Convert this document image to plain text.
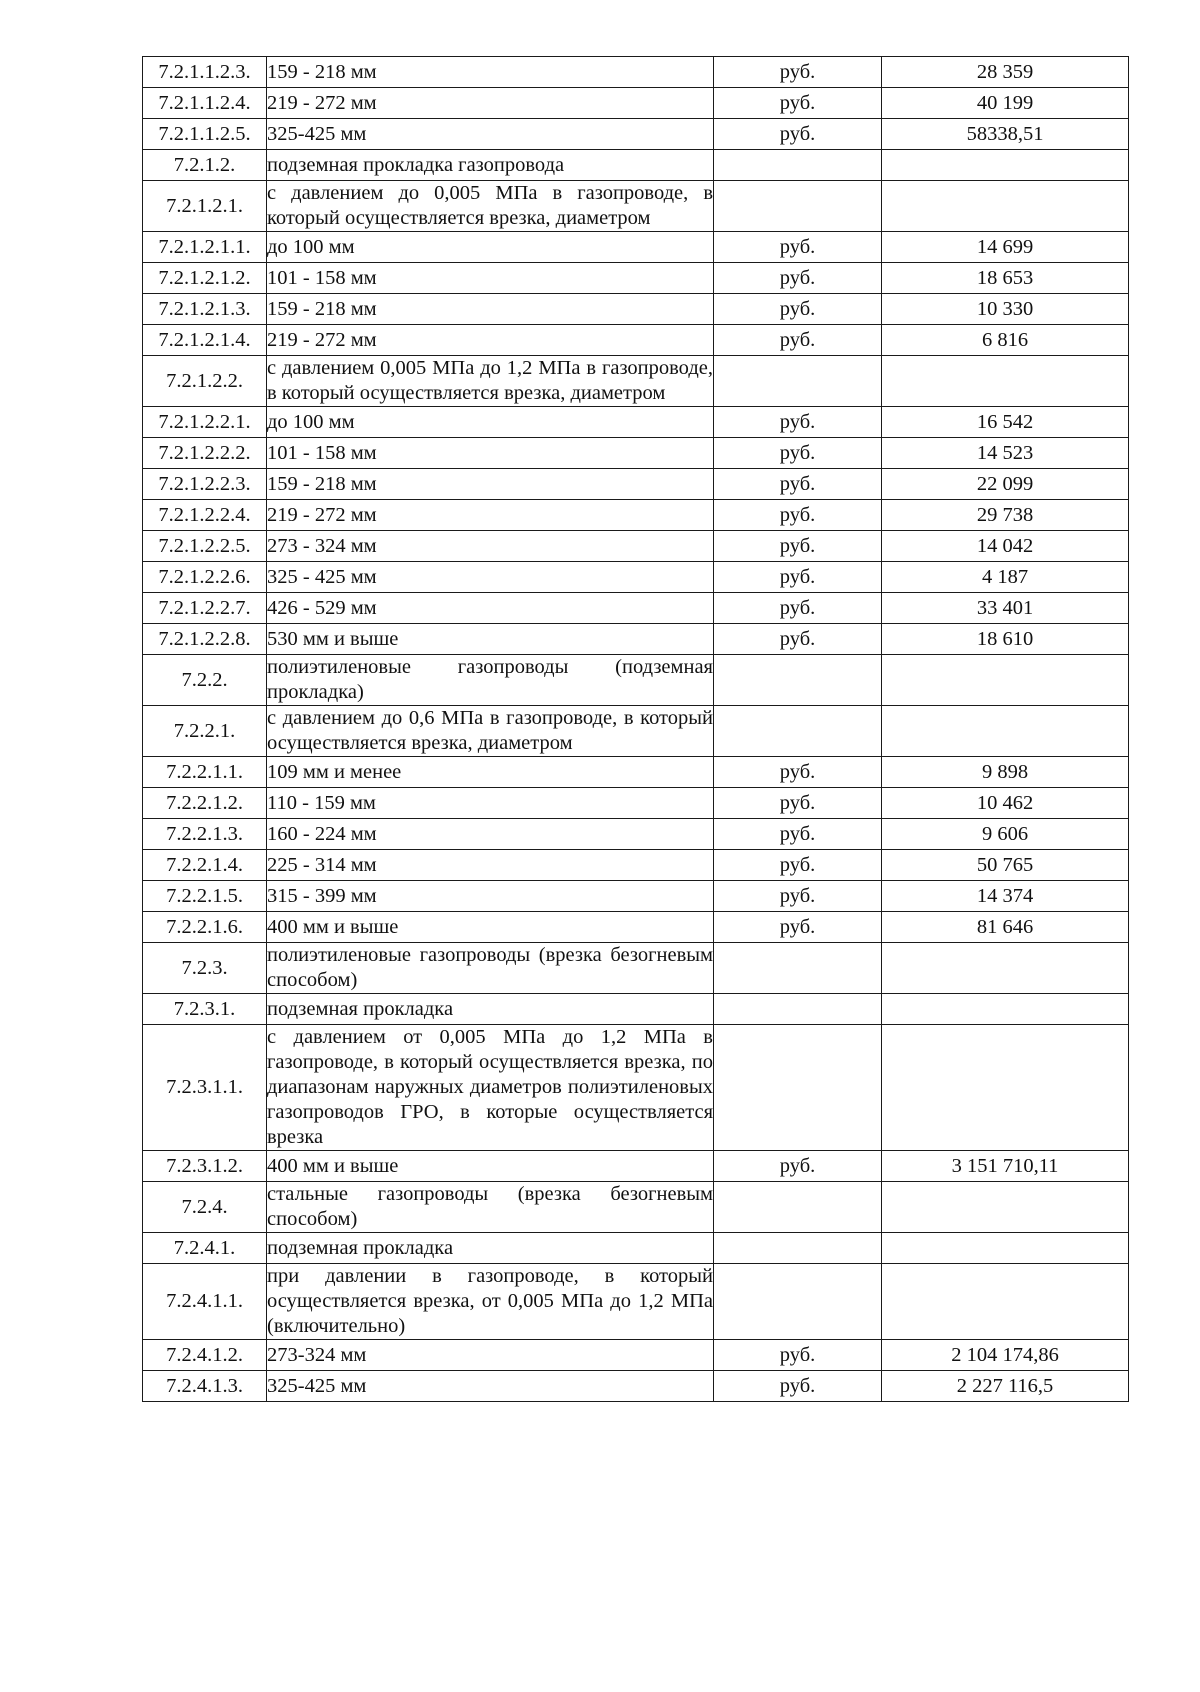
7.2.1.1.2.3.	159 - 218 мм	руб.	28 359
7.2.1.1.2.4.	219 - 272 мм	руб.	40 199
7.2.1.1.2.5.	325-425 мм	руб.	58338,51
7.2.1.2.	подземная прокладка газопровода		
7.2.1.2.1.	с давлением до 0,005 МПа в газопроводе, в который осуществляется врезка, диаметром		
7.2.1.2.1.1.	до 100 мм	руб.	14 699
7.2.1.2.1.2.	101 - 158 мм	руб.	18 653
7.2.1.2.1.3.	159 - 218 мм	руб.	10 330
7.2.1.2.1.4.	219 - 272 мм	руб.	6 816
7.2.1.2.2.	с давлением 0,005 МПа до 1,2 МПа в газопроводе, в который осуществляется врезка, диаметром		
7.2.1.2.2.1.	до 100 мм	руб.	16 542
7.2.1.2.2.2.	101 - 158 мм	руб.	14 523
7.2.1.2.2.3.	159 - 218 мм	руб.	22 099
7.2.1.2.2.4.	219 - 272 мм	руб.	29 738
7.2.1.2.2.5.	273 - 324 мм	руб.	14 042
7.2.1.2.2.6.	325 - 425 мм	руб.	4 187
7.2.1.2.2.7.	426 - 529 мм	руб.	33 401
7.2.1.2.2.8.	530 мм и выше	руб.	18 610
7.2.2.	полиэтиленовые газопроводы (подземная прокладка)		
7.2.2.1.	с давлением до 0,6 МПа в газопроводе, в который осуществляется врезка, диаметром		
7.2.2.1.1.	109 мм и менее	руб.	9 898
7.2.2.1.2.	110 - 159 мм	руб.	10 462
7.2.2.1.3.	160 - 224 мм	руб.	9 606
7.2.2.1.4.	225 - 314 мм	руб.	50 765
7.2.2.1.5.	315 - 399 мм	руб.	14 374
7.2.2.1.6.	400 мм и выше	руб.	81 646
7.2.3.	полиэтиленовые газопроводы (врезка безогневым способом)		
7.2.3.1.	подземная прокладка		
7.2.3.1.1.	с давлением от 0,005 МПа до 1,2 МПа в газопроводе, в который осуществляется врезка, по диапазонам наружных диаметров полиэтиленовых газопроводов ГРО, в которые осуществляется врезка		
7.2.3.1.2.	400 мм и выше	руб.	3 151 710,11
7.2.4.	стальные газопроводы (врезка безогневым способом)		
7.2.4.1.	подземная прокладка		
7.2.4.1.1.	при давлении в газопроводе, в который осуществляется врезка, от 0,005 МПа до 1,2 МПа (включительно)		
7.2.4.1.2.	273-324 мм	руб.	2 104 174,86
7.2.4.1.3.	325-425 мм	руб.	2 227 116,5
